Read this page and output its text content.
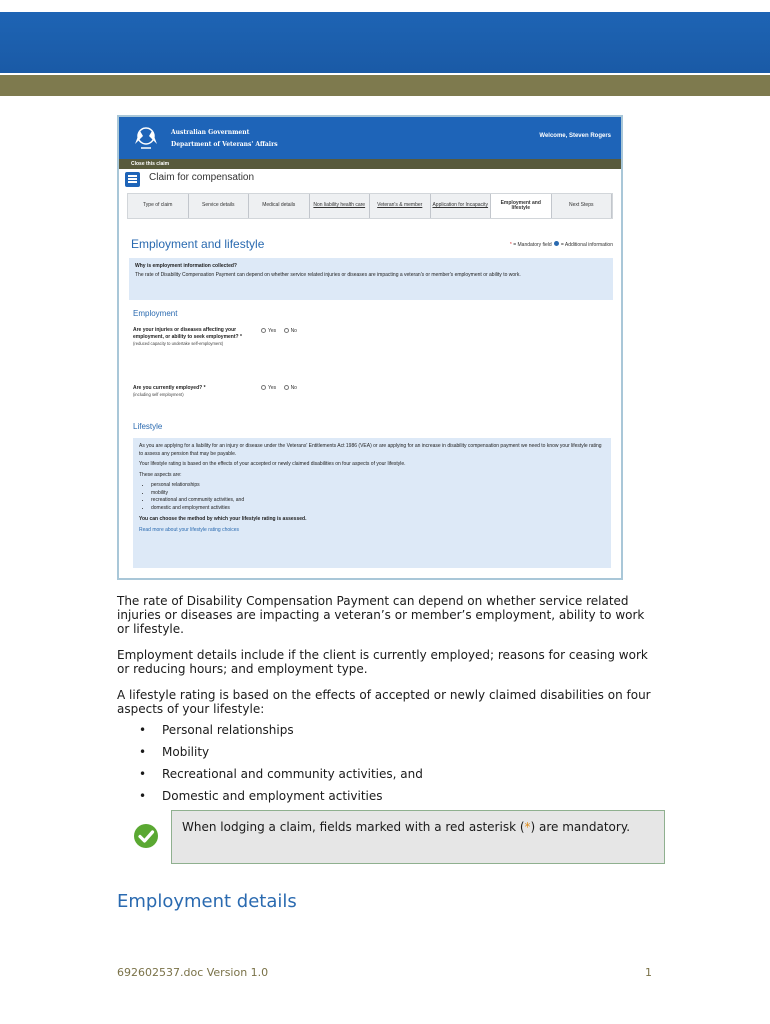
Australian Government
Department of Veterans' Affairs
Welcome, Steven Rogers
Close this claim
Claim for compensation
Type of claim	Service details	Medical details	Non liability health care	Veteran's & member	Application for Incapacity	Employment and lifestyle	Next Steps
Employment and lifestyle	* = Mandatory field = Additional information
Why is employment information collected?
The rate of Disability Compensation Payment can depend on whether service related injuries or diseases are impacting a veteran's or member's employment or ability to work.
Employment
Are your injuries or diseases affecting your employment, or ability to seek employment? *
(reduced capacity to undertake self-employment)
Yes	No
Are you currently employed? *
(including self employment)
Yes	No
Lifestyle

As you are applying for a liability for an injury or disease under the Veterans' Entitlements Act 1986 (VEA) or are applying for an increase in disability compensation payment we need to know your lifestyle rating to assess any pension that may be payable.

Your lifestyle rating is based on the effects of your accepted or newly claimed disabilities on four aspects of your lifestyle.

These aspects are:

• personal relationships
• mobility
• recreational and community activities, and
• domestic and employment activities

You can choose the method by which your lifestyle rating is assessed.

Read more about your lifestyle rating choices

The rate of Disability Compensation Payment can depend on whether service related injuries or diseases are impacting a veteran’s or member’s employment, ability to work or lifestyle.

Employment details include if the client is currently employed; reasons for ceasing work or reducing hours; and employment type.

A lifestyle rating is based on the effects of accepted or newly claimed disabilities on four aspects of your lifestyle:

• Personal relationships
• Mobility
• Recreational and community activities, and
• Domestic and employment activities
When lodging a claim, fields marked with a red asterisk (*) are mandatory.
Employment details
692602537.doc Version 1.0	1
